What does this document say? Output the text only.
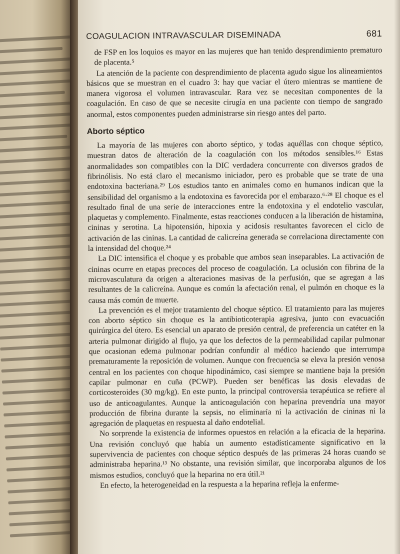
COAGULACION INTRAVASCULAR DISEMINADA	681

de FSP en los loquios es mayor en las mujeres que han tenido desprendimiento prematuro de placenta.⁵

La atención de la paciente con desprendimiento de placenta agudo sigue los alineamientos básicos que se muestran en el cuadro 3: hay que vaciar el útero mientras se mantiene de manera vigorosa el volumen intravascular. Rara vez se necesitan componentes de la coagulación. En caso de que se necesite cirugía en una paciente con tiempo de sangrado anormal, estos componentes pueden administrarse sin riesgo antes del parto.

Aborto séptico

La mayoría de las mujeres con aborto séptico, y todas aquéllas con choque séptico, muestran datos de alteración de la coagulación con los métodos sensibles.¹⁶ Estas anormalidades son compatibles con la DIC verdadera concurrente con diversos grados de fibrinólisis. No está claro el mecanismo iniciador, pero es probable que se trate de una endotoxina bacteriana.²⁹ Los estudios tanto en animales como en humanos indican que la sensibilidad del organismo a la endotoxina es favorecida por el embarazo.⁶·²⁸ El choque es el resultado final de una serie de interacciones entre la endotoxina y el endotelio vascular, plaquetas y complemento. Finalmente, estas reacciones conducen a la liberación de histamina, cininas y serotina. La hipotensión, hipoxia y acidosis resultantes favorecen el ciclo de activación de las cininas. La cantidad de calicreína generada se correlaciona directamente con la intensidad del choque.²⁴

La DIC intensifica el choque y es probable que ambos sean inseparables. La activación de cininas ocurre en etapas precoces del proceso de coagulación. La oclusión con fibrina de la microvasculatura da origen a alteraciones masivas de la perfusión, que se agregan a las resultantes de la calicreína. Aunque es común la afectación renal, el pulmón en choque es la causa más común de muerte.

La prevención es el mejor tratamiento del choque séptico. El tratamiento para las mujeres con aborto séptico sin choque es la antibioticoterapia agresiva, junto con evacuación quirúrgica del útero. Es esencial un aparato de presión central, de preferencia un catéter en la arteria pulmonar dirigido al flujo, ya que los defectos de la permeabilidad capilar pulmonar que ocasionan edema pulmonar podrían confundir al médico haciendo que interrumpa prematuramente la reposición de volumen. Aunque con frecuencia se eleva la presión venosa central en los pacientes con choque hipodinámico, casi siempre se mantiene baja la presión capilar pulmonar en cuña (PCWP). Pueden ser benéficas las dosis elevadas de corticosteroides (30 mg/kg). En este punto, la principal controversia terapéutica se refiere al uso de anticoagulantes. Aunque la anticoagulación con heparina prevendría una mayor producción de fibrina durante la sepsis, no eliminaría ni la activación de cininas ni la agregación de plaquetas en respuesta al daño endotelial.

No sorprende la existencia de informes opuestos en relación a la eficacia de la heparina. Una revisión concluyó que había un aumento estadísticamente significativo en la supervivencia de pacientes con choque séptico después de las primeras 24 horas cuando se administraba heparina.¹³ No obstante, una revisión similar, que incorporaba algunos de los mismos estudios, concluyó que la heparina no era útil.²¹

En efecto, la heterogeneidad en la respuesta a la heparina refleja la enferme-
